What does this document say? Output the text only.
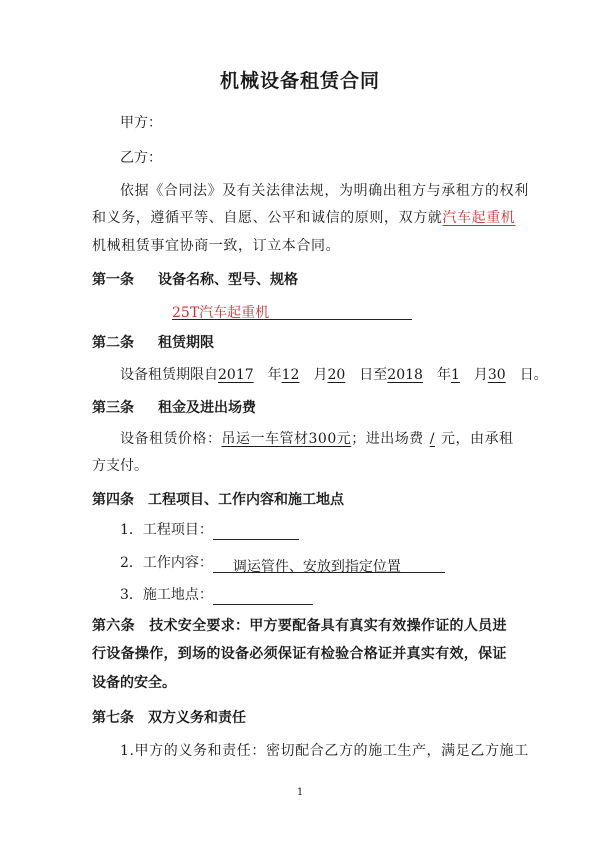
机械设备租赁合同
甲方：
乙方：
依据《合同法》及有关法律法规，为明确出租方与承租方的权利
和义务，遵循平等、自愿、公平和诚信的原则，双方就汽车起重机
机械租赁事宜协商一致，订立本合同。
第一条 设备名称、型号、规格
25T汽车起重机
第二条 租赁期限
设备租赁期限自2017 年12 月20 日至2018 年1 月30 日。
第三条 租金及进出场费
设备租赁价格：吊运一车管材300元；进出场费 / 元，由承租
方支付。
第四条 工程项目、工作内容和施工地点
1．工程项目：
2．工作内容： 调运管件、安放到指定位置
3．施工地点：
第六条　技术安全要求：甲方要配备具有真实有效操作证的人员进
行设备操作，到场的设备必须保证有检验合格证并真实有效，保证
设备的安全。
第七条 双方义务和责任
1.甲方的义务和责任：密切配合乙方的施工生产，满足乙方施工
1
